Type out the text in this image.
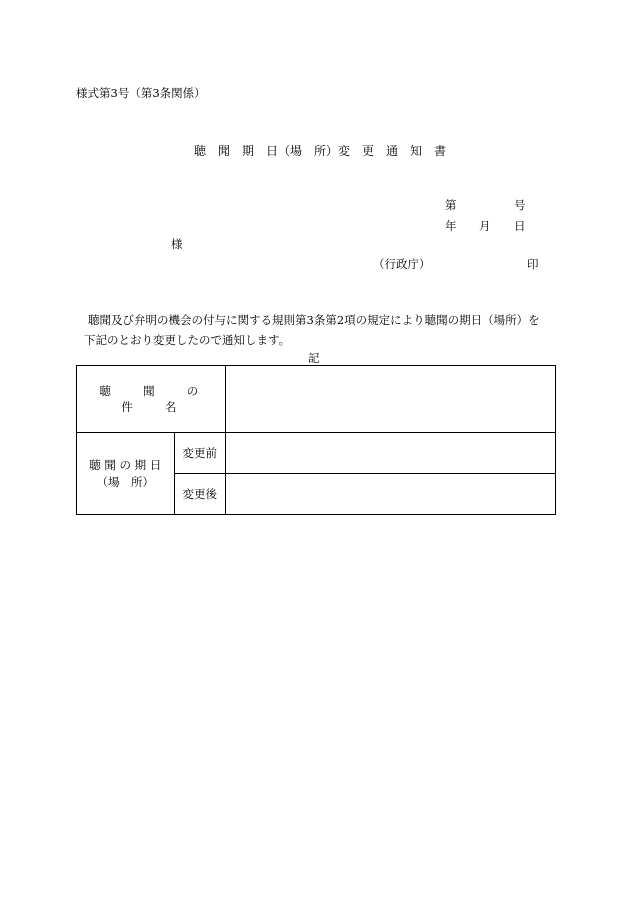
様式第3号（第3条関係）
聴　聞　期　日（場　所）変　更　通　知　書
第	号
年 月 日
様
（行政庁）	印
聴聞及び弁明の機会の付与に関する規則第3条第2項の規定により聴聞の期日（場所）を
下記のとおり変更したので通知します。
記
聴　聞　の　件　名		

聴 聞 の 期 日
（場　所）	変更前	
	変更後	
